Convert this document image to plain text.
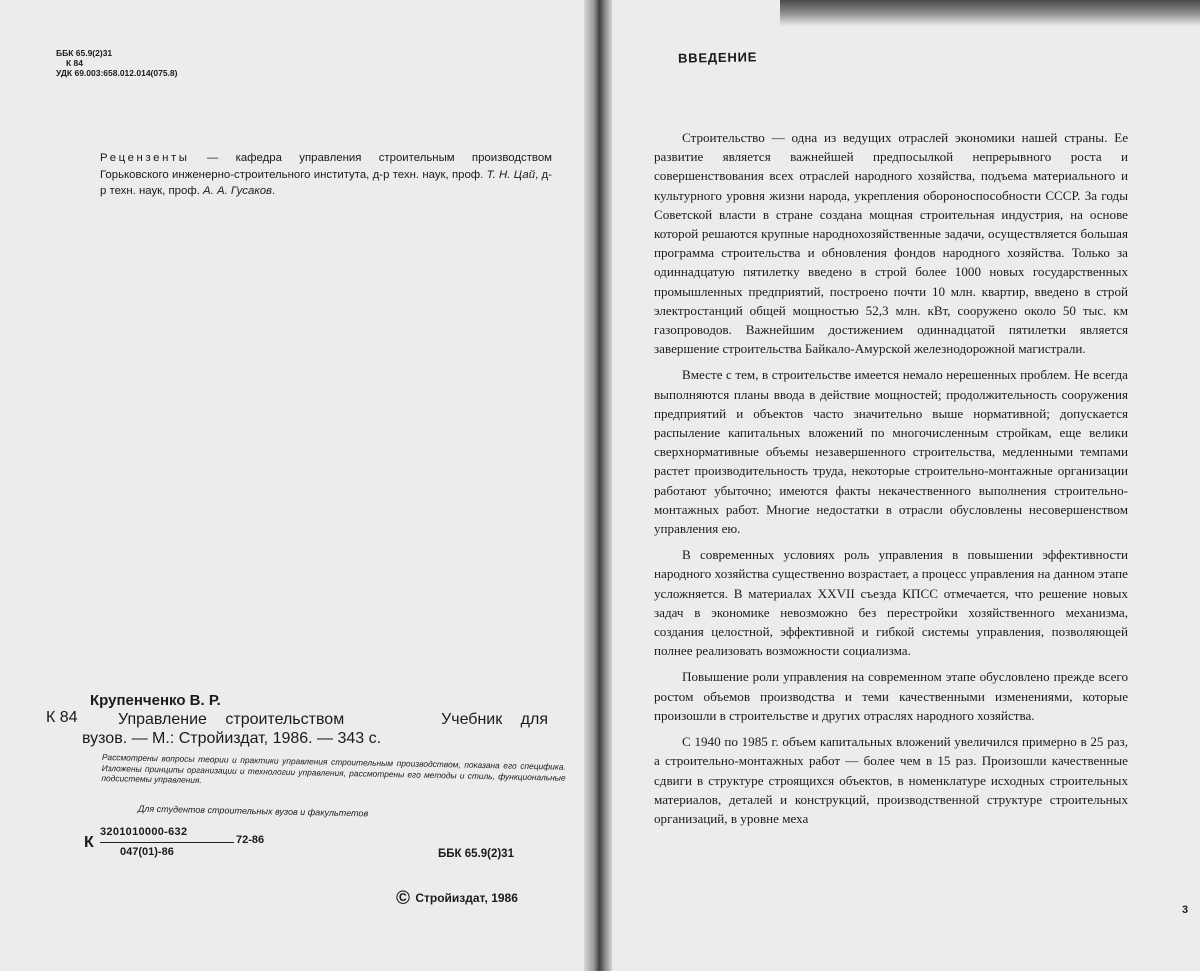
ББК 65.9(2)31
К 84
УДК 69.003:658.012.014(075.8)
Рецензенты — кафедра управления строительным производством Горьковского инженерно-строительного института, д-р техн. наук, проф. Т. Н. Цай, д-р техн. наук, проф. А. А. Гусаков.
Крупенченко В. Р.
К 84	Управление строительством	Учебник для
вузов. — М.: Стройиздат, 1986. — 343 с.
Рассмотрены вопросы теории и практики управления строительным производством, показана его специфика. Изложены принципы организации и технологии управления, рассмотрены его методы и стиль, функциональные подсистемы управления.
Для студентов строительных вузов и факультетов
К
3201010000-632
047(01)-86
72-86
ББК 65.9(2)31
© Стройиздат, 1986
ВВЕДЕНИЕ

Строительство — одна из ведущих отраслей экономики нашей страны. Ее развитие является важнейшей предпосылкой непрерывного роста и совершенствования всех отраслей народного хозяйства, подъема материального и культурного уровня жизни народа, укрепления обороноспособности СССР. За годы Советской власти в стране создана мощная строительная индустрия, на основе которой решаются крупные народнохозяйственные задачи, осуществляется большая программа строительства и обновления фондов народного хозяйства. Только за одиннадцатую пятилетку введено в строй более 1000 новых государственных промышленных предприятий, построено почти 10 млн. квартир, введено в строй электростанций общей мощностью 52,3 млн. кВт, сооружено около 50 тыс. км газопроводов. Важнейшим достижением одиннадцатой пятилетки является завершение строительства Байкало-Амурской железнодорожной магистрали.

Вместе с тем, в строительстве имеется немало нерешенных проблем. Не всегда выполняются планы ввода в действие мощностей; продолжительность сооружения предприятий и объектов часто значительно выше нормативной; допускается распыление капитальных вложений по многочисленным стройкам, еще велики сверхнормативные объемы незавершенного строительства, медленными темпами растет производительность труда, некоторые строительно-монтажные организации работают убыточно; имеются факты некачественного выполнения строительно-монтажных работ. Многие недостатки в отрасли обусловлены несовершенством управления ею.

В современных условиях роль управления в повышении эффективности народного хозяйства существенно возрастает, а процесс управления на данном этапе усложняется. В материалах XXVII съезда КПСС отмечается, что решение новых задач в экономике невозможно без перестройки хозяйственного механизма, создания целостной, эффективной и гибкой системы управления, позволяющей полнее реализовать возможности социализма.

Повышение роли управления на современном этапе обусловлено прежде всего ростом объемов производства и теми качественными изменениями, которые произошли в строительстве и других отраслях народного хозяйства.

С 1940 по 1985 г. объем капитальных вложений увеличился примерно в 25 раз, а строительно-монтажных работ — более чем в 15 раз. Произошли качественные сдвиги в структуре строящихся объектов, в номенклатуре исходных строительных материалов, деталей и конструкций, производственной структуре строительных организаций, в уровне меха

3
